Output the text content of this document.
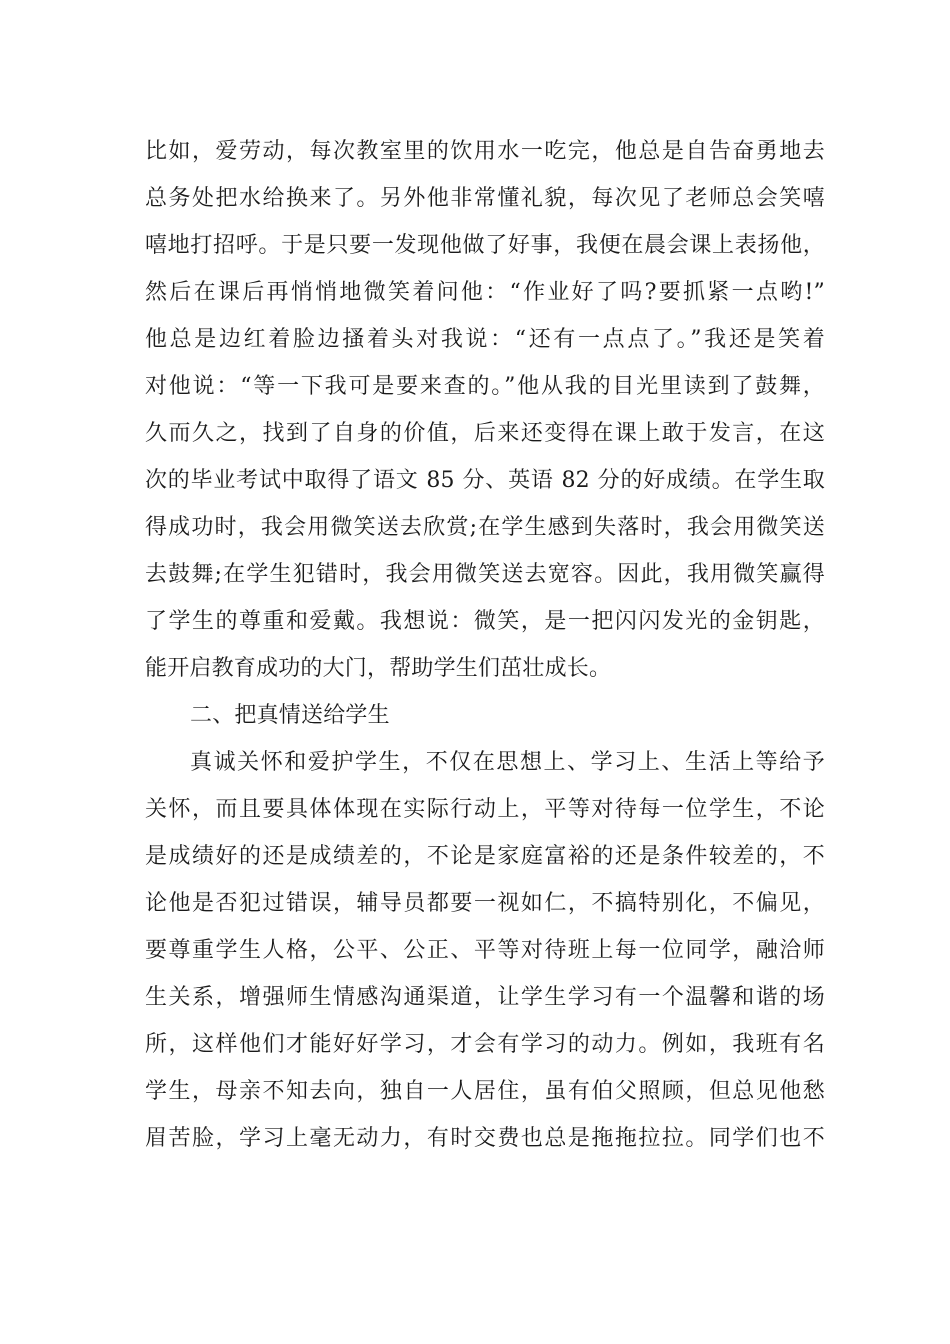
比如，爱劳动，每次教室里的饮用水一吃完，他总是自告奋勇地去
总务处把水给换来了。另外他非常懂礼貌，每次见了老师总会笑嘻
嘻地打招呼。于是只要一发现他做了好事，我便在晨会课上表扬他，
然后在课后再悄悄地微笑着问他：“作业好了吗?要抓紧一点哟!”
他总是边红着脸边搔着头对我说：“还有一点点了。”我还是笑着
对他说：“等一下我可是要来查的。”他从我的目光里读到了鼓舞，
久而久之，找到了自身的价值，后来还变得在课上敢于发言，在这
次的毕业考试中取得了语文 85 分、英语 82 分的好成绩。在学生取
得成功时，我会用微笑送去欣赏;在学生感到失落时，我会用微笑送
去鼓舞;在学生犯错时，我会用微笑送去宽容。因此，我用微笑赢得
了学生的尊重和爱戴。我想说：微笑，是一把闪闪发光的金钥匙，
能开启教育成功的大门，帮助学生们茁壮成长。
二、把真情送给学生
真诚关怀和爱护学生，不仅在思想上、学习上、生活上等给予
关怀，而且要具体体现在实际行动上，平等对待每一位学生，不论
是成绩好的还是成绩差的，不论是家庭富裕的还是条件较差的，不
论他是否犯过错误，辅导员都要一视如仁，不搞特别化，不偏见，
要尊重学生人格，公平、公正、平等对待班上每一位同学，融洽师
生关系，增强师生情感沟通渠道，让学生学习有一个温馨和谐的场
所，这样他们才能好好学习，才会有学习的动力。例如，我班有名
学生，母亲不知去向，独自一人居住，虽有伯父照顾，但总见他愁
眉苦脸，学习上毫无动力，有时交费也总是拖拖拉拉。同学们也不
